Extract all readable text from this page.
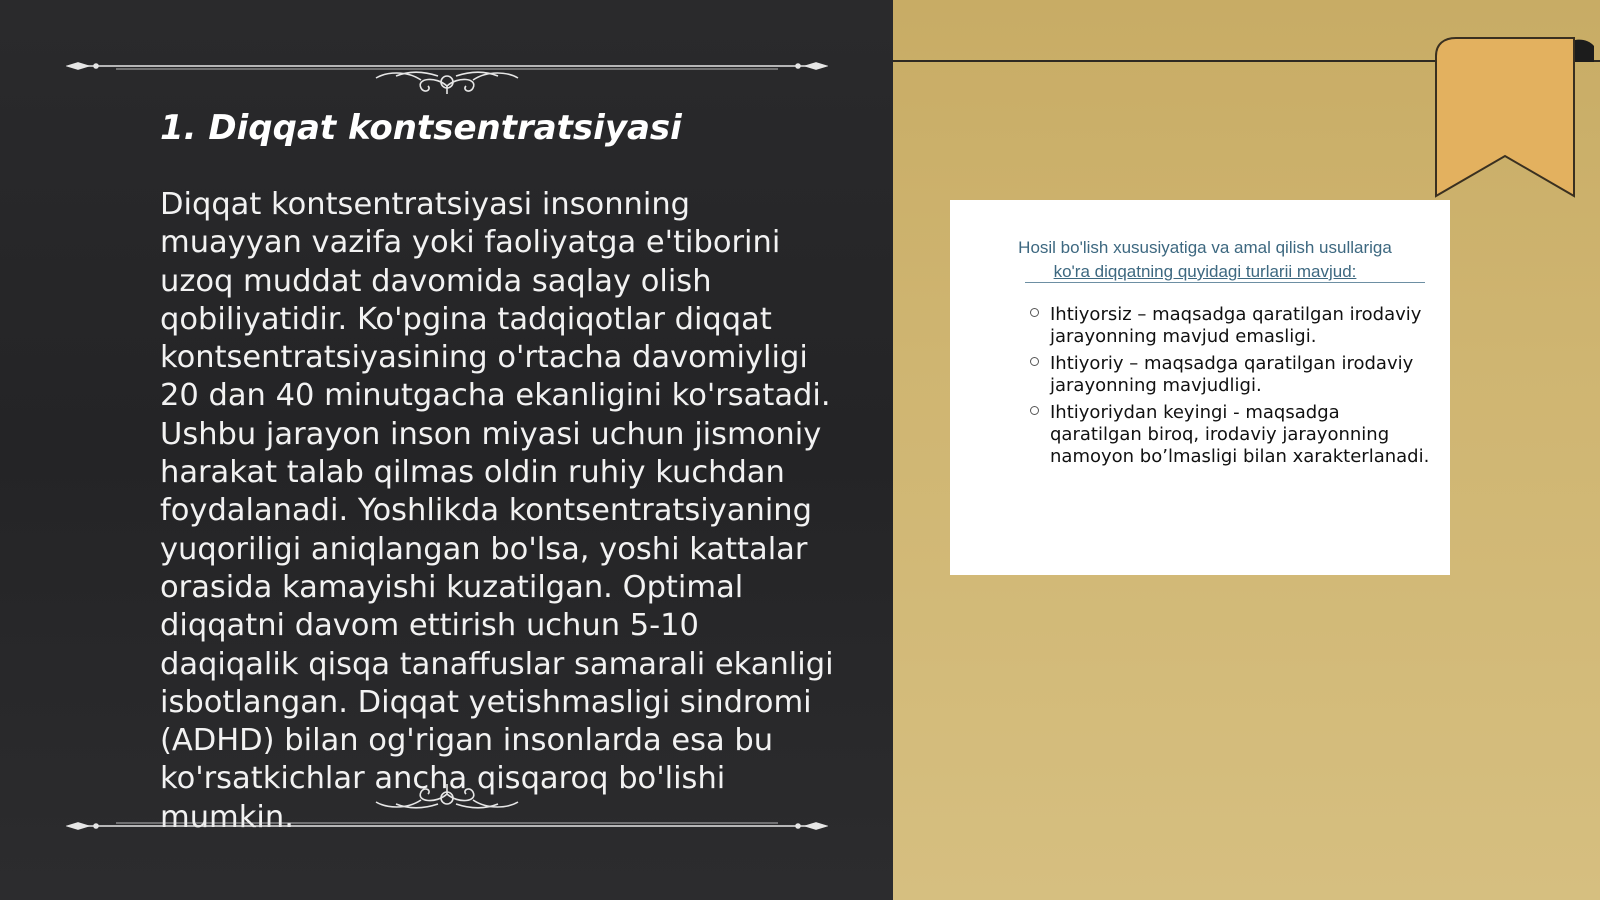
1. Diqqat kontsentratsiyasi

Diqqat kontsentratsiyasi insonning muayyan vazifa yoki faoliyatga e'tiborini uzoq muddat davomida saqlay olish qobiliyatidir. Ko'pgina tadqiqotlar diqqat kontsentratsiyasining o'rtacha davomiyligi 20 dan 40 minutgacha ekanligini ko'rsatadi. Ushbu jarayon inson miyasi uchun jismoniy harakat talab qilmas oldin ruhiy kuchdan foydalanadi. Yoshlikda kontsentratsiyaning yuqoriligi aniqlangan bo'lsa, yoshi kattalar orasida kamayishi kuzatilgan. Optimal diqqatni davom ettirish uchun 5-10 daqiqalik qisqa tanaffuslar samarali ekanligi isbotlangan. Diqqat yetishmasligi sindromi (ADHD) bilan og'rigan insonlarda esa bu ko'rsatkichlar ancha qisqaroq bo'lishi mumkin.

Hosil bo'lish xususiyatiga va amal qilish usullariga
ko'ra diqqatning quyidagi turlarii mavjud:
Ihtiyorsiz – maqsadga qaratilgan irodaviy jarayonning mavjud emasligi.
Ihtiyoriy – maqsadga qaratilgan irodaviy jarayonning mavjudligi.
Ihtiyoriydan keyingi - maqsadga qaratilgan biroq, irodaviy jarayonning namoyon bo’lmasligi bilan xarakterlanadi.
